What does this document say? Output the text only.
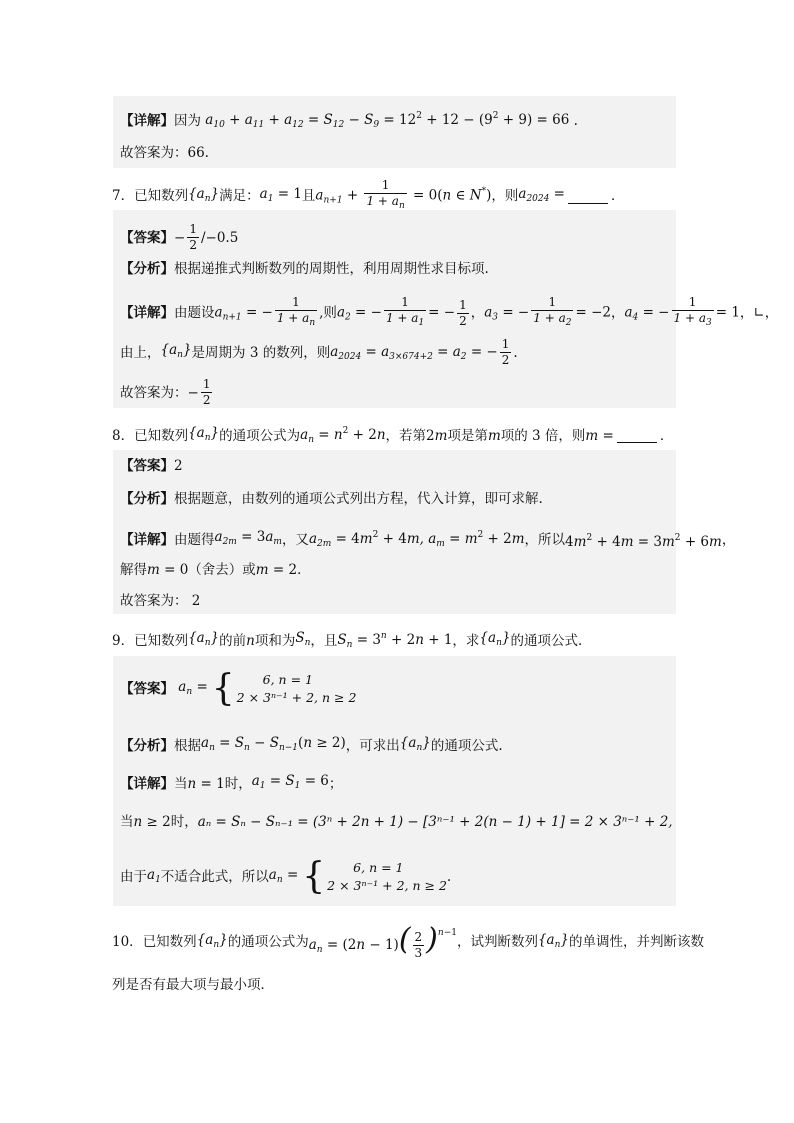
【详解】 因为 $a_{10} + a_{11} + a_{12} = S_{12} - S_9 = 12^2 + 12 - (9^2 + 9) = 66$ .
故答案为：66.
7． 已知数列 $\{a_n\}$ 满足： $a_1 = 1$ 且 $a_{n+1} + \frac{1}{1 + a_n} = 0(n$ ∈ N*) ，则 $a_{2024}$ =	．
【答案】 − $\frac{1}{2} /-0.5$
【分析】 根据递推式判断数列的周期性，利用周期性求目标项.
【详解】 由题设 $a_{n+1}$ = − $\frac{1}{1 + a_n}$ ,则 $a_2$ = − $\frac{1}{1 + a_1}$ = − $\frac{1}{2}$ ， $a_3$ = − $\frac{1}{1 + a_2} = -2$ ， $a_4$ = − $\frac{1}{1 + a_3} = 1$ ，∟，
由上， $\{a_n\}$ 是周期为 3 的数列，则 $a_{2024} = a_{3\times 674+2} = a_2$ = − $\frac{1}{2}$ .
故答案为： − $\frac{1}{2}$
8． 已知数列 $\{a_n\}$ 的通项公式为 $a_n = n^2 + 2n$ ，若第 2m 项是第 m 项的 3 倍，则 m =	．
【答案】 2
【分析】 根据题意，由数列的通项公式列出方程，代入计算，即可求解.
【详解】 由题得 $a_{2m} = 3a_m$ ，又 $a_{2m} = 4m^2 + 4m$, $a_m = m^2 + 2m$ ，所以 $4m^2 + 4m = 3m^2 + 6m$ ，
解得 m = 0 （舍去）或 m = 2 ．
故答案为： 2
9． 已知数列 $\{a_n\}$ 的前 n 项和为 $S_n$ ，且 $S_n = 3^n + 2n + 1$ ，求 $\{a_n\}$ 的通项公式．
【答案】 $a_n$ = {	6, n = 1
2 × 3ⁿ⁻¹ + 2, n ≥ 2
【分析】 根据 $a_n = S_n - S_{n-1}(n \ge 2)$ ，可求出 $\{a_n\}$ 的通项公式.
【详解】 当 n = 1 时， $a_1 = S_1 = 6$ ；
当 n ≥ 2 时， aₙ = Sₙ − Sₙ₋₁ = (3ⁿ + 2n + 1) − [3ⁿ⁻¹ + 2(n − 1) + 1] = 2 × 3ⁿ⁻¹ + 2,
由于 $a_1$ 不适合此式，所以 $a_n$ = {	6, n = 1
2 × 3ⁿ⁻¹ + 2, n ≥ 2
.
10． 已知数列 $\{a_n\}$ 的通项公式为 $a_n = (2n - 1)( \frac{2}{3} )^{n-1}$
，试判断数列 $\{a_n\}$ 的单调性，并判断该数
列是否有最大项与最小项．
